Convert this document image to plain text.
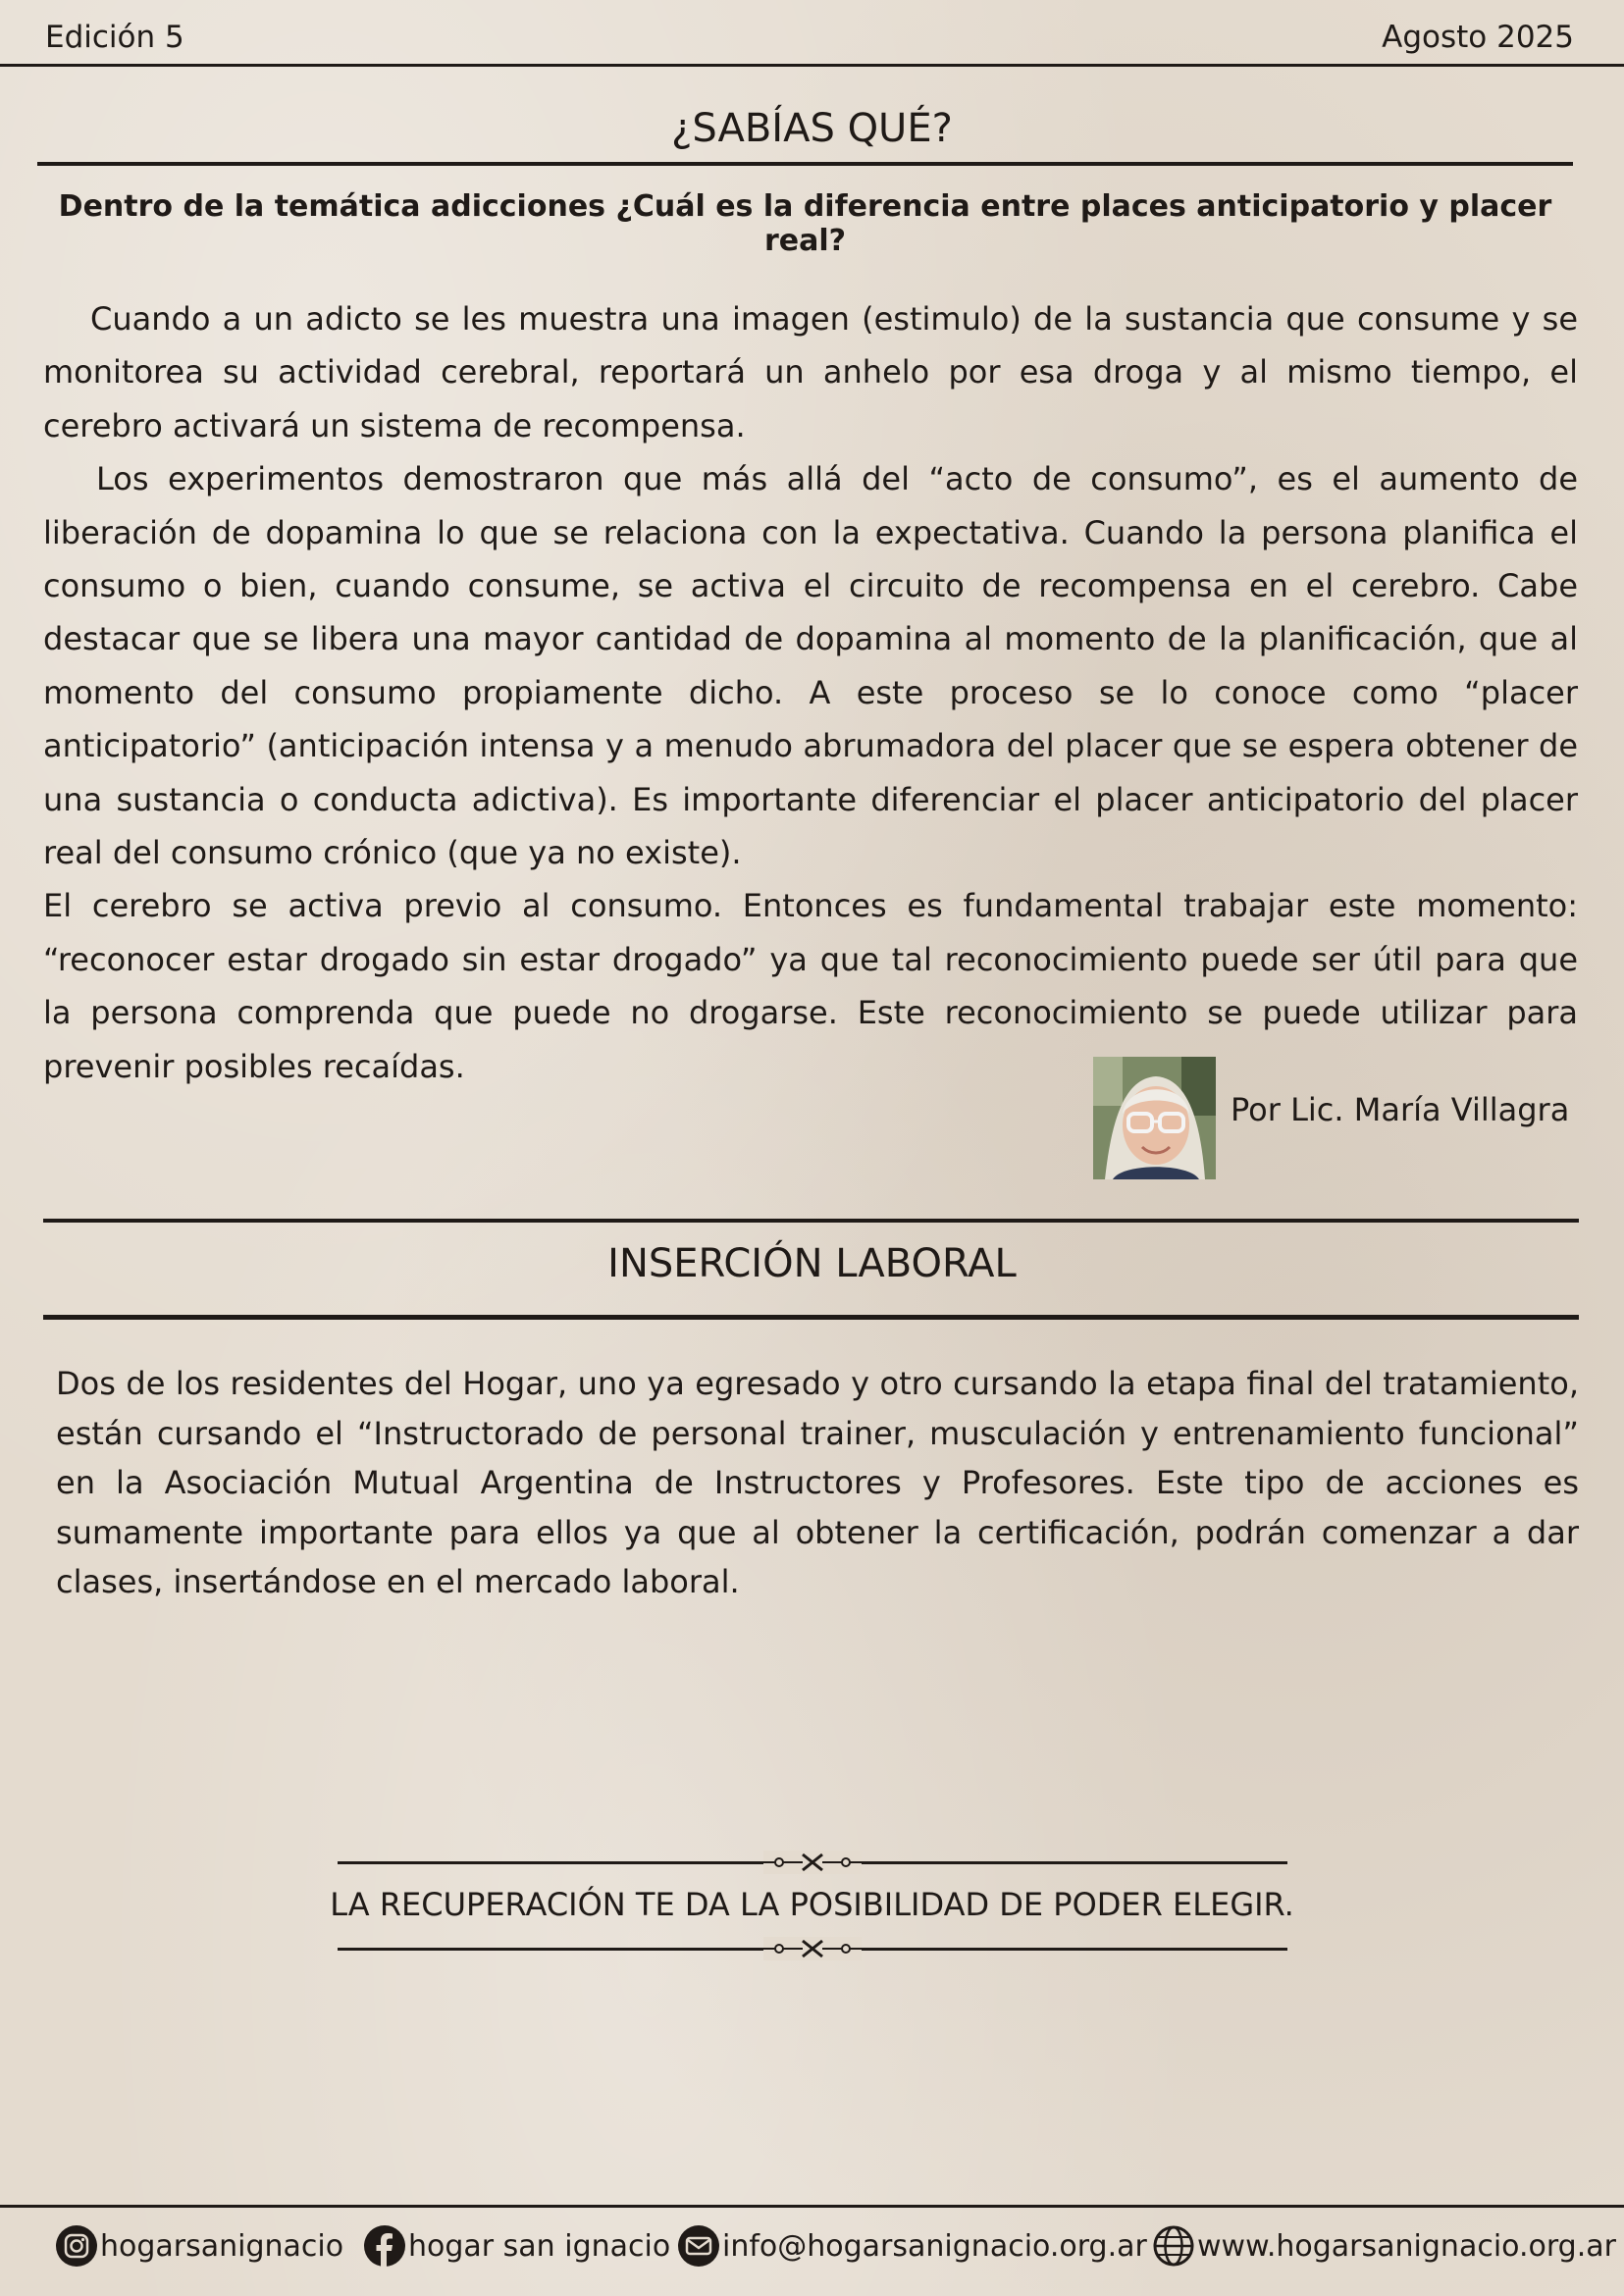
Edición 5	Agosto 2025
¿SABÍAS QUÉ?
Dentro de la temática adicciones ¿Cuál es la diferencia entre places anticipatorio y placer real?

Cuando a un adicto se les muestra una imagen (estimulo) de la sustancia que consume y se monitorea su actividad cerebral, reportará un anhelo por esa droga y al mismo tiempo, el cerebro activará un sistema de recompensa.

Los experimentos demostraron que más allá del “acto de consumo”, es el aumento de liberación de dopamina lo que se relaciona con la expectativa. Cuando la persona planifica el consumo o bien, cuando consume, se activa el circuito de recompensa en el cerebro. Cabe destacar que se libera una mayor cantidad de dopamina al momento de la planificación, que al momento del consumo propiamente dicho. A este proceso se lo conoce como “placer anticipatorio” (anticipación intensa y a menudo abrumadora del placer que se espera obtener de una sustancia o conducta adictiva). Es importante diferenciar el placer anticipatorio del placer real del consumo crónico (que ya no existe).

El cerebro se activa previo al consumo. Entonces es fundamental trabajar este momento: “reconocer estar drogado sin estar drogado” ya que tal reconocimiento puede ser útil para que la persona comprenda que puede no drogarse. Este reconocimiento se puede utilizar para prevenir posibles recaídas.

Por Lic. María Villagra
INSERCIÓN LABORAL

Dos de los residentes del Hogar, uno ya egresado y otro cursando la etapa final del tratamiento, están cursando el “Instructorado de personal trainer, musculación y entrenamiento funcional” en la Asociación Mutual Argentina de Instructores y Profesores. Este tipo de acciones es sumamente importante para ellos ya que al obtener la certificación, podrán comenzar a dar clases, insertándose en el mercado laboral.

LA RECUPERACIÓN TE DA LA POSIBILIDAD DE PODER ELEGIR.
hogarsanignacio hogar san ignacio info@hogarsanignacio.org.ar www.hogarsanignacio.org.ar
